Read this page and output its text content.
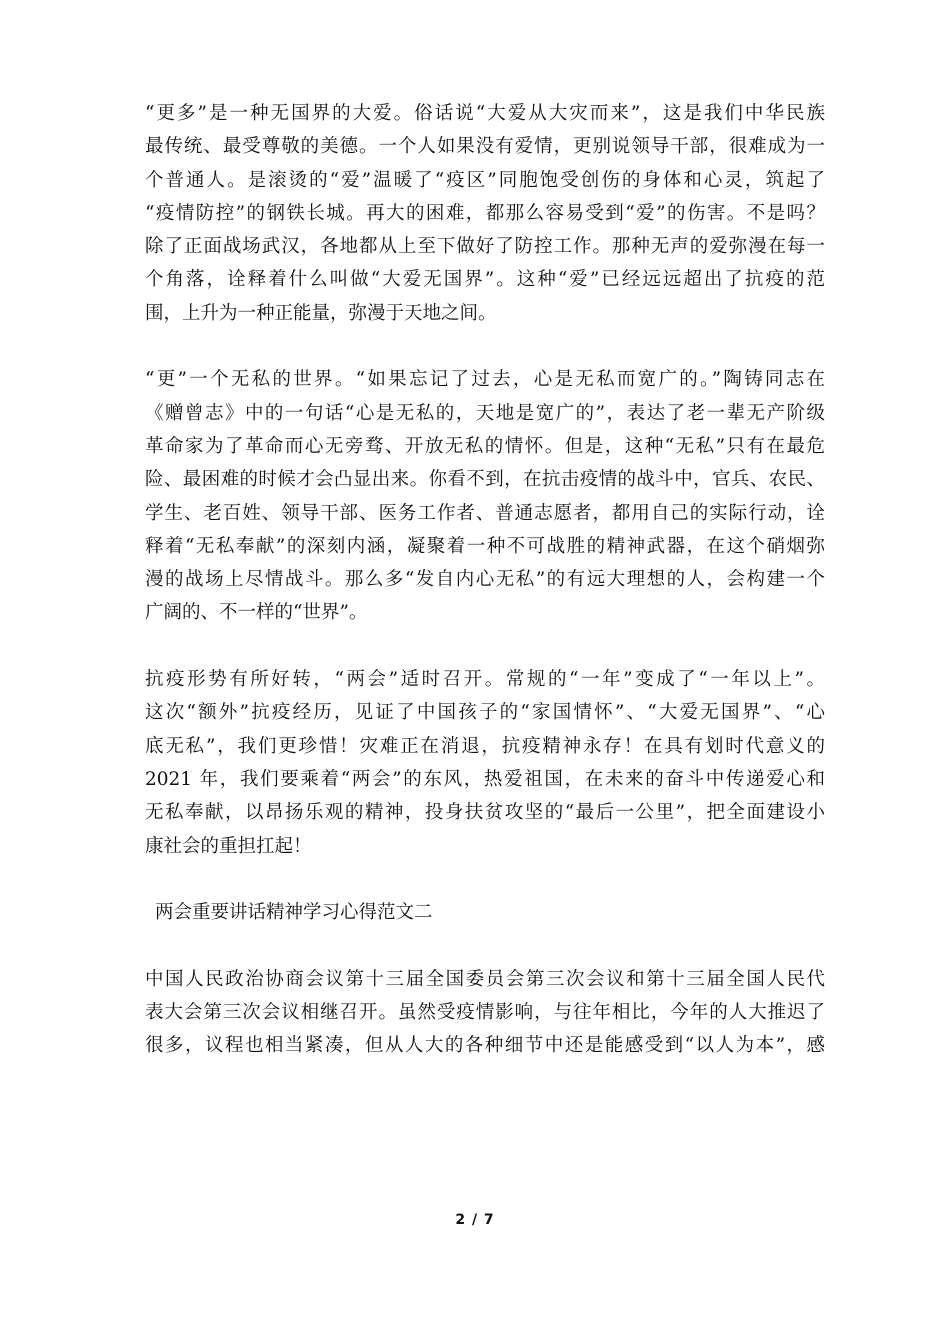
“更多”是一种无国界的大爱。俗话说“大爱从大灾而来”，这是我们中华民族
最传统、最受尊敬的美德。一个人如果没有爱情，更别说领导干部，很难成为一
个普通人。是滚烫的“爱”温暖了“疫区”同胞饱受创伤的身体和心灵，筑起了
“疫情防控”的钢铁长城。再大的困难，都那么容易受到“爱”的伤害。不是吗？
除了正面战场武汉，各地都从上至下做好了防控工作。那种无声的爱弥漫在每一
个角落，诠释着什么叫做“大爱无国界”。这种“爱”已经远远超出了抗疫的范
围，上升为一种正能量，弥漫于天地之间。
“更”一个无私的世界。“如果忘记了过去，心是无私而宽广的。”陶铸同志在
《赠曾志》中的一句话“心是无私的，天地是宽广的”，表达了老一辈无产阶级
革命家为了革命而心无旁骛、开放无私的情怀。但是，这种“无私”只有在最危
险、最困难的时候才会凸显出来。你看不到，在抗击疫情的战斗中，官兵、农民、
学生、老百姓、领导干部、医务工作者、普通志愿者，都用自己的实际行动，诠
释着“无私奉献”的深刻内涵，凝聚着一种不可战胜的精神武器，在这个硝烟弥
漫的战场上尽情战斗。那么多“发自内心无私”的有远大理想的人，会构建一个
广阔的、不一样的“世界”。
抗疫形势有所好转，“两会”适时召开。常规的“一年”变成了“一年以上”。
这次“额外”抗疫经历，见证了中国孩子的“家国情怀”、“大爱无国界”、“心
底无私”，我们更珍惜！灾难正在消退，抗疫精神永存！在具有划时代意义的
2021 年，我们要乘着“两会”的东风，热爱祖国，在未来的奋斗中传递爱心和
无私奉献，以昂扬乐观的精神，投身扶贫攻坚的“最后一公里”，把全面建设小
康社会的重担扛起！
两会重要讲话精神学习心得范文二
中国人民政治协商会议第十三届全国委员会第三次会议和第十三届全国人民代
表大会第三次会议相继召开。虽然受疫情影响，与往年相比，今年的人大推迟了
很多，议程也相当紧凑，但从人大的各种细节中还是能感受到“以人为本”，感
2 / 7
